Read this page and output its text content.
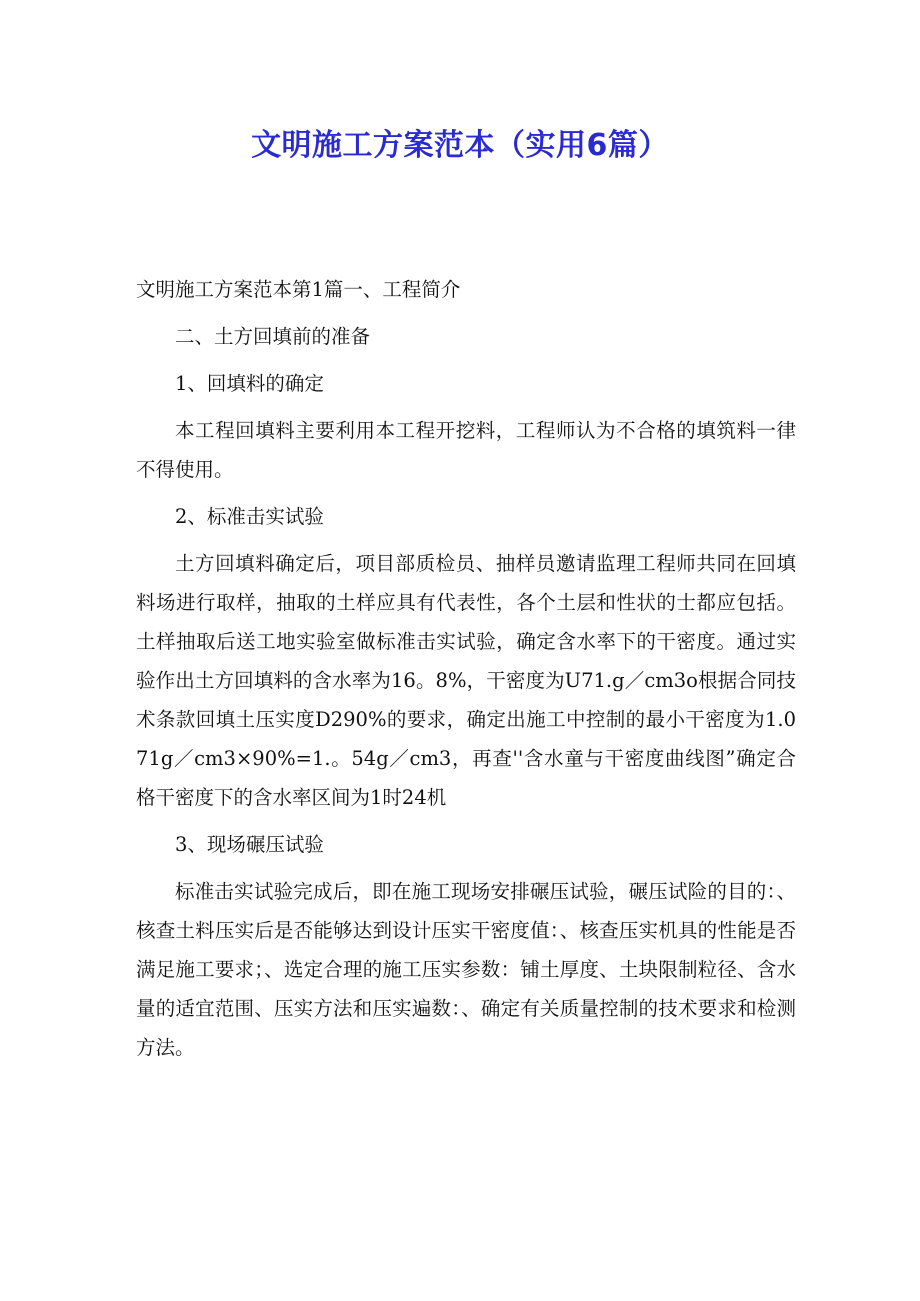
文明施工方案范本（实用6篇）

文明施工方案范本第1篇一、工程简介

二、土方回填前的准备

1、回填料的确定

本工程回填料主要利用本工程开挖料，工程师认为不合格的填筑料一律不得使用。

2、标准击实试验

土方回填料确定后，项目部质检员、抽样员邀请监理工程师共同在回填料场进行取样，抽取的土样应具有代表性，各个土层和性状的士都应包括。土样抽取后送工地实验室做标准击实试验，确定含水率下的干密度。通过实验作出土方回填料的含水率为16。8%，干密度为U71.g／cm3o根据合同技术条款回填土压实度D290%的要求，确定出施工中控制的最小干密度为1.071g／cm3×90%=1.。54g／cm3，再查''含水童与干密度曲线图”确定合格干密度下的含水率区间为1时24机

3、现场碾压试验

标准击实试验完成后，即在施工现场安排碾压试验，碾压试险的目的：、核查土料压实后是否能够达到设计压实干密度值：、核查压实机具的性能是否满足施工要求；、选定合理的施工压实参数：铺土厚度、土块限制粒径、含水量的适宜范围、压实方法和压实遍数：、确定有关质量控制的技术要求和检测方法。
